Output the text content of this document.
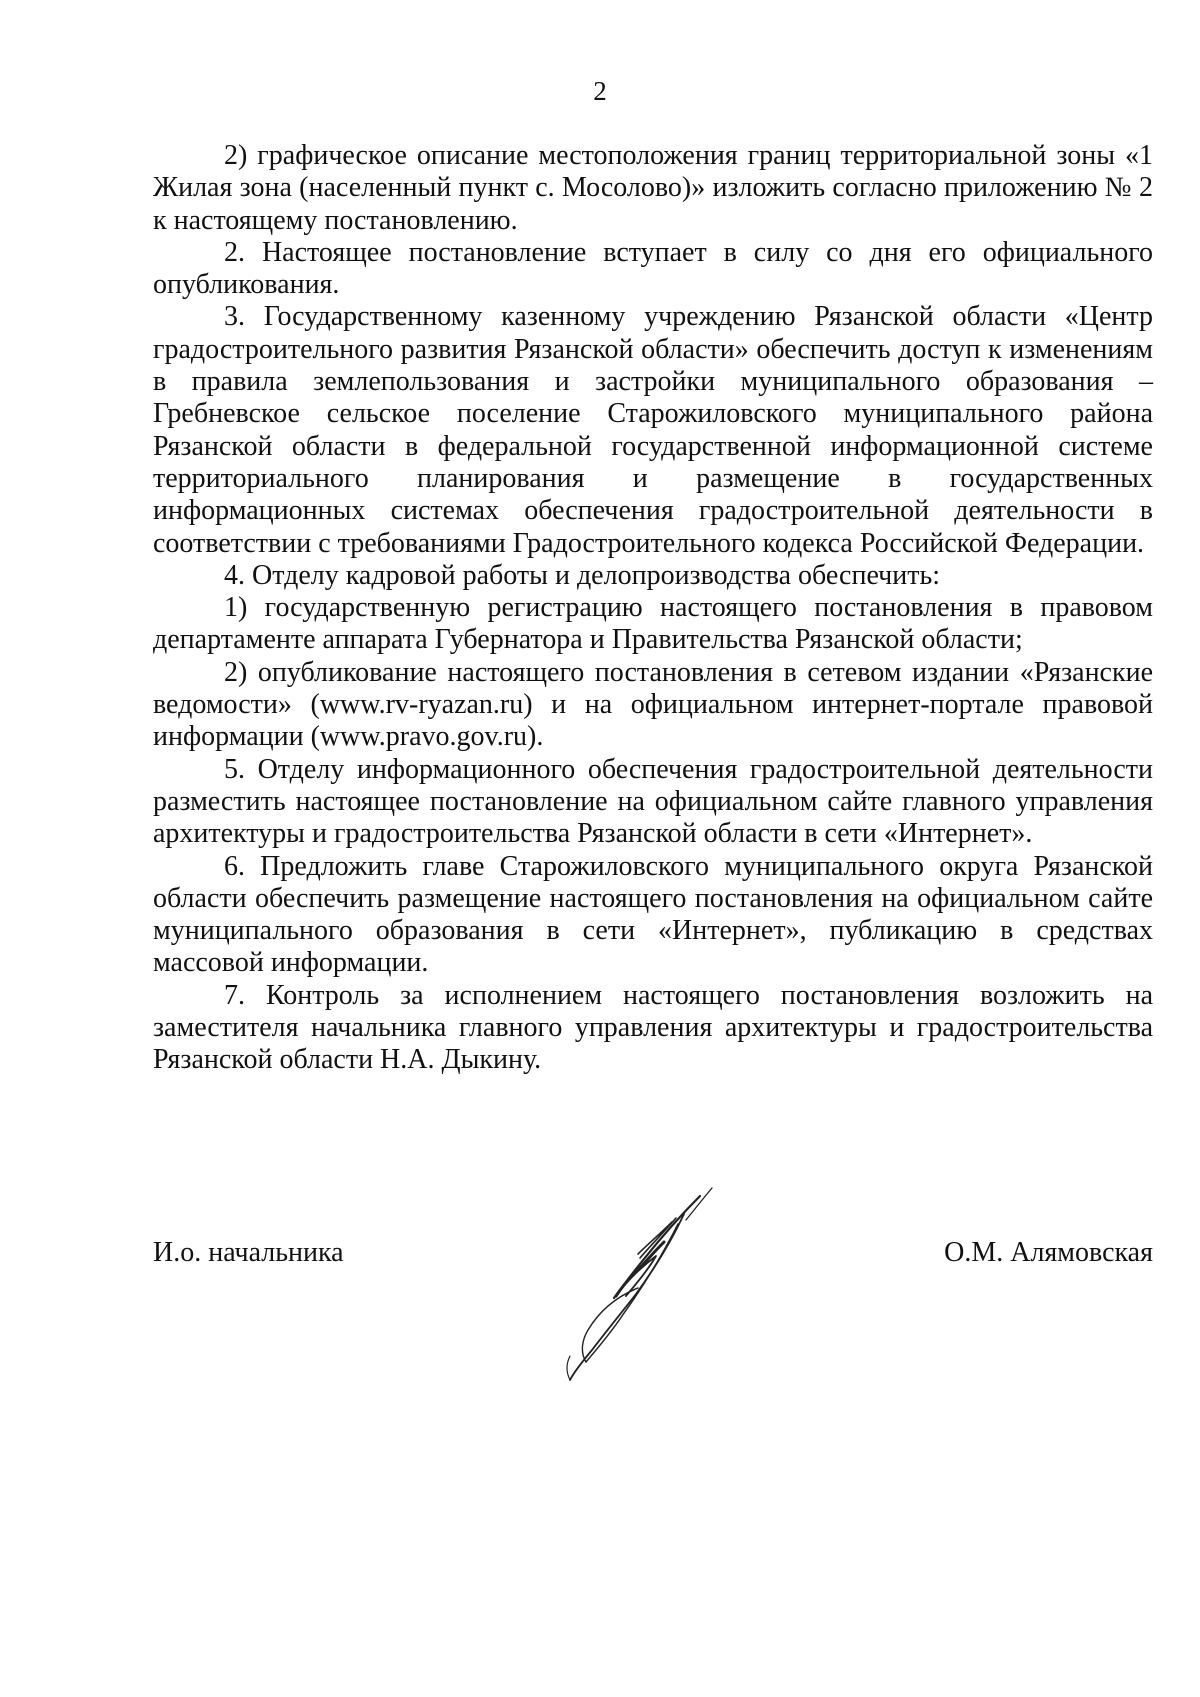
2

2) графическое описание местоположения границ территориальной зоны «1 Жилая зона (населенный пункт с. Мосолово)» изложить согласно приложению № 2 к настоящему постановлению.

2. Настоящее постановление вступает в силу со дня его официального опубликования.

3. Государственному казенному учреждению Рязанской области «Центр градостроительного развития Рязанской области» обеспечить доступ к изменениям в правила землепользования и застройки муниципального образования – Гребневское сельское поселение Старожиловского муниципального района Рязанской области в федеральной государственной информационной системе территориального планирования и размещение в государственных информационных системах обеспечения градостроительной деятельности в соответствии с требованиями Градостроительного кодекса Российской Федерации.

4. Отделу кадровой работы и делопроизводства обеспечить:

1) государственную регистрацию настоящего постановления в правовом департаменте аппарата Губернатора и Правительства Рязанской области;

2) опубликование настоящего постановления в сетевом издании «Рязанские ведомости» (www.rv-ryazan.ru) и на официальном интернет-портале правовой информации (www.pravo.gov.ru).

5. Отделу информационного обеспечения градостроительной деятельности разместить настоящее постановление на официальном сайте главного управления архитектуры и градостроительства Рязанской области в сети «Интернет».

6. Предложить главе Старожиловского муниципального округа Рязанской области обеспечить размещение настоящего постановления на официальном сайте муниципального образования в сети «Интернет», публикацию в средствах массовой информации.

7. Контроль за исполнением настоящего постановления возложить на заместителя начальника главного управления архитектуры и градостроительства Рязанской области Н.А. Дыкину.

И.о. начальника	О.М. Алямовская
